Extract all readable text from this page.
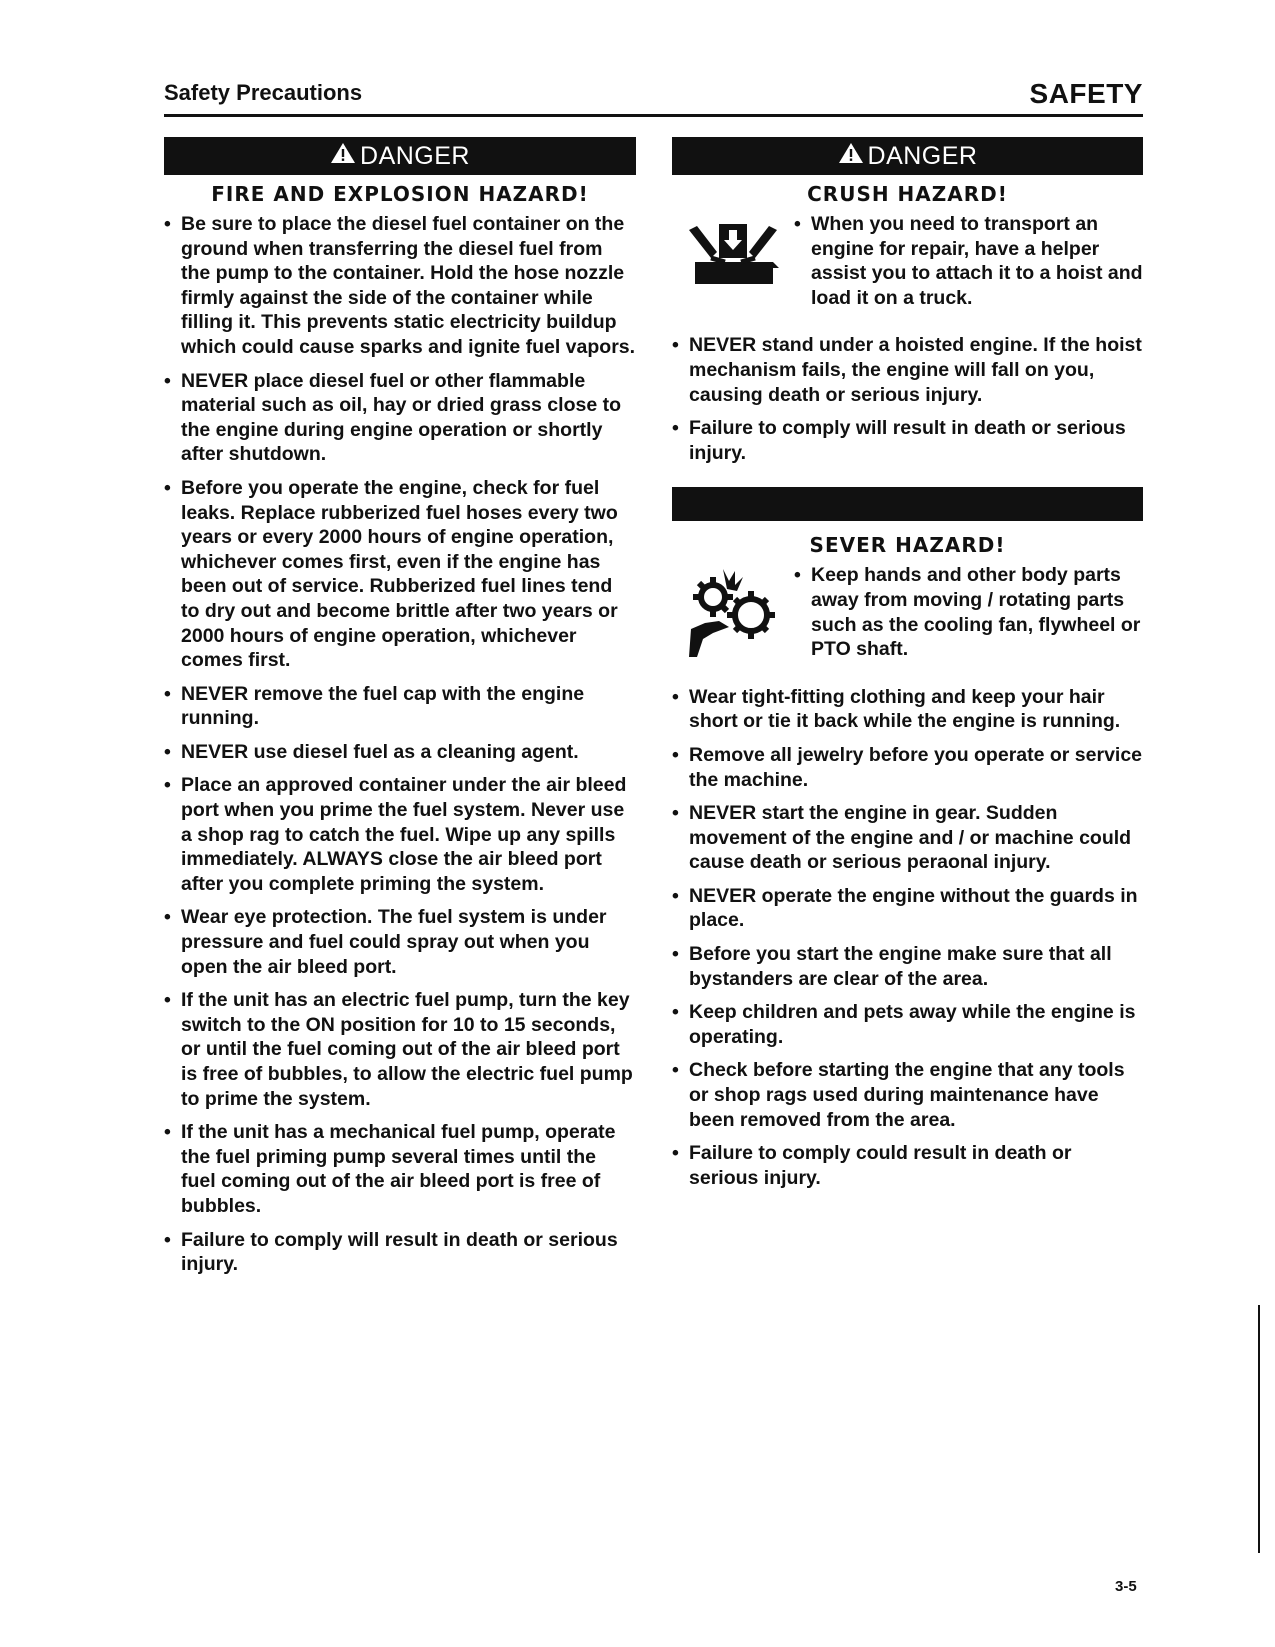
Safety Precautions	SAFETY
DANGER
FIRE AND EXPLOSION HAZARD!
• Be sure to place the diesel fuel container on the ground when transferring the diesel fuel from the pump to the container. Hold the hose nozzle firmly against the side of the container while filling it. This prevents static electricity buildup which could cause sparks and ignite fuel vapors.
• NEVER place diesel fuel or other flammable material such as oil, hay or dried grass close to the engine during engine operation or shortly after shutdown.
• Before you operate the engine, check for fuel leaks. Replace rubberized fuel hoses every two years or every 2000 hours of engine operation, whichever comes first, even if the engine has been out of service. Rubberized fuel lines tend to dry out and become brittle after two years or 2000 hours of engine operation, whichever comes first.
• NEVER remove the fuel cap with the engine running.
• NEVER use diesel fuel as a cleaning agent.
• Place an approved container under the air bleed port when you prime the fuel system. Never use a shop rag to catch the fuel. Wipe up any spills immediately. ALWAYS close the air bleed port after you complete priming the system.
• Wear eye protection. The fuel system is under pressure and fuel could spray out when you open the air bleed port.
• If the unit has an electric fuel pump, turn the key switch to the ON position for 10 to 15 seconds, or until the fuel coming out of the air bleed port is free of bubbles, to allow the electric fuel pump to prime the system.
• If the unit has a mechanical fuel pump, operate the fuel priming pump several times until the fuel coming out of the air bleed port is free of bubbles.
• Failure to comply will result in death or serious injury.
DANGER
CRUSH HAZARD!
• When you need to transport an engine for repair, have a helper assist you to attach it to a hoist and load it on a truck.
• NEVER stand under a hoisted engine. If the hoist mechanism fails, the engine will fall on you, causing death or serious injury.
• Failure to comply will result in death or serious injury.
SEVER HAZARD!
• Keep hands and other body parts away from moving / rotating parts such as the cooling fan, flywheel or PTO shaft.
• Wear tight-fitting clothing and keep your hair short or tie it back while the engine is running.
• Remove all jewelry before you operate or service the machine.
• NEVER start the engine in gear. Sudden movement of the engine and / or machine could cause death or serious peraonal injury.
• NEVER operate the engine without the guards in place.
• Before you start the engine make sure that all bystanders are clear of the area.
• Keep children and pets away while the engine is operating.
• Check before starting the engine that any tools or shop rags used during maintenance have been removed from the area.
• Failure to comply could result in death or serious injury.
3-5
